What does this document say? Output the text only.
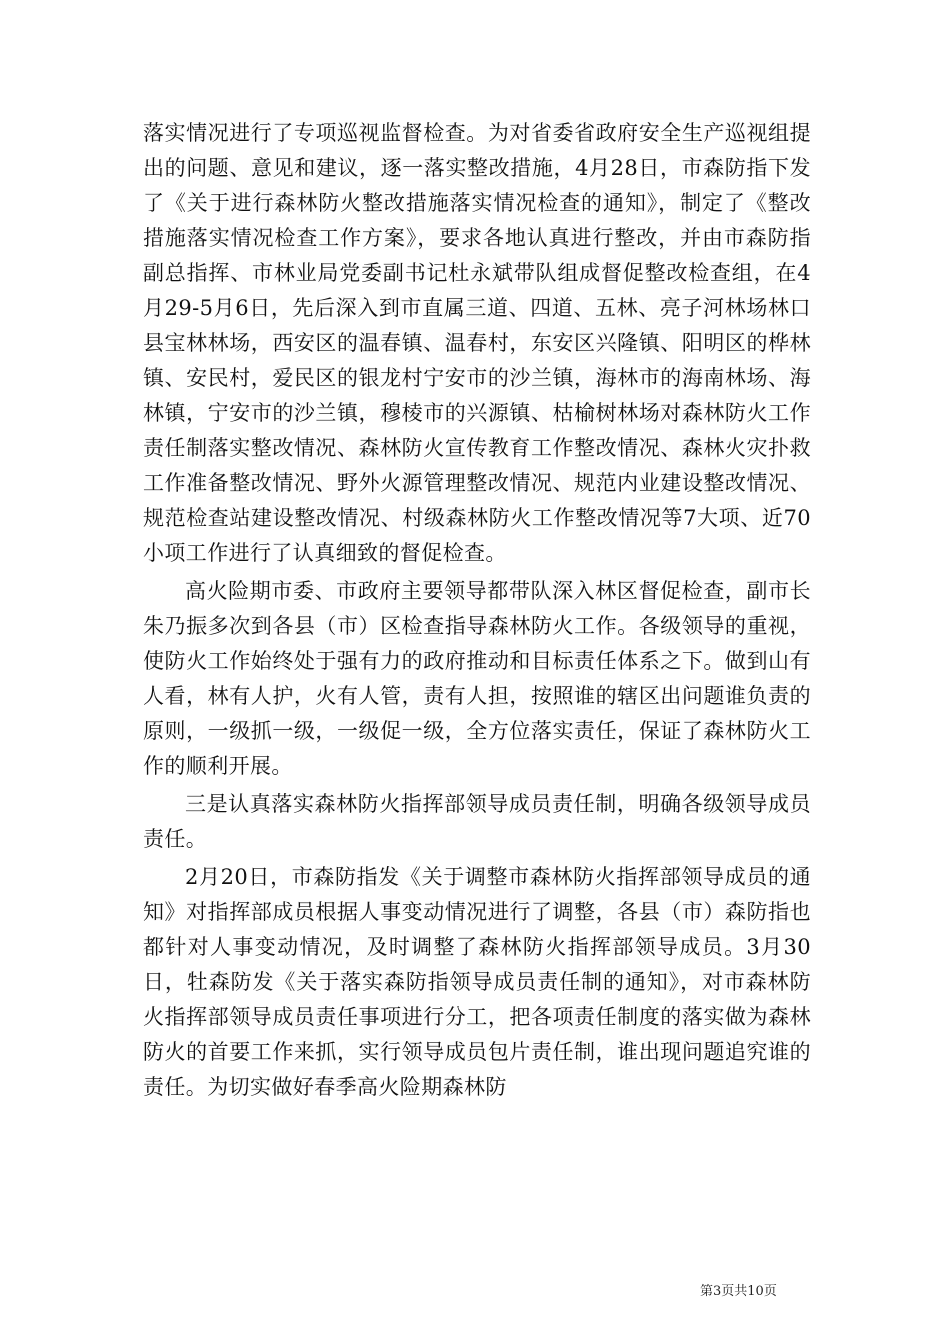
落实情况进行了专项巡视监督检查。为对省委省政府安全生产巡视组提出的问题、意见和建议，逐一落实整改措施，4月28日，市森防指下发了《关于进行森林防火整改措施落实情况检查的通知》，制定了《整改措施落实情况检查工作方案》，要求各地认真进行整改，并由市森防指副总指挥、市林业局党委副书记杜永斌带队组成督促整改检查组，在4月29-5月6日，先后深入到市直属三道、四道、五林、亮子河林场林口县宝林林场，西安区的温春镇、温春村，东安区兴隆镇、阳明区的桦林镇、安民村，爱民区的银龙村宁安市的沙兰镇，海林市的海南林场、海林镇，宁安市的沙兰镇，穆棱市的兴源镇、枯榆树林场对森林防火工作责任制落实整改情况、森林防火宣传教育工作整改情况、森林火灾扑救工作准备整改情况、野外火源管理整改情况、规范内业建设整改情况、规范检查站建设整改情况、村级森林防火工作整改情况等7大项、近70小项工作进行了认真细致的督促检查。

高火险期市委、市政府主要领导都带队深入林区督促检查，副市长朱乃振多次到各县（市）区检查指导森林防火工作。各级领导的重视，使防火工作始终处于强有力的政府推动和目标责任体系之下。做到山有人看，林有人护，火有人管，责有人担，按照谁的辖区出问题谁负责的原则，一级抓一级，一级促一级，全方位落实责任，保证了森林防火工作的顺利开展。

三是认真落实森林防火指挥部领导成员责任制，明确各级领导成员责任。

2月20日，市森防指发《关于调整市森林防火指挥部领导成员的通知》对指挥部成员根据人事变动情况进行了调整，各县（市）森防指也都针对人事变动情况，及时调整了森林防火指挥部领导成员。3月30日，牡森防发《关于落实森防指领导成员责任制的通知》，对市森林防火指挥部领导成员责任事项进行分工，把各项责任制度的落实做为森林防火的首要工作来抓，实行领导成员包片责任制，谁出现问题追究谁的责任。为切实做好春季高火险期森林防

第3页共10页
